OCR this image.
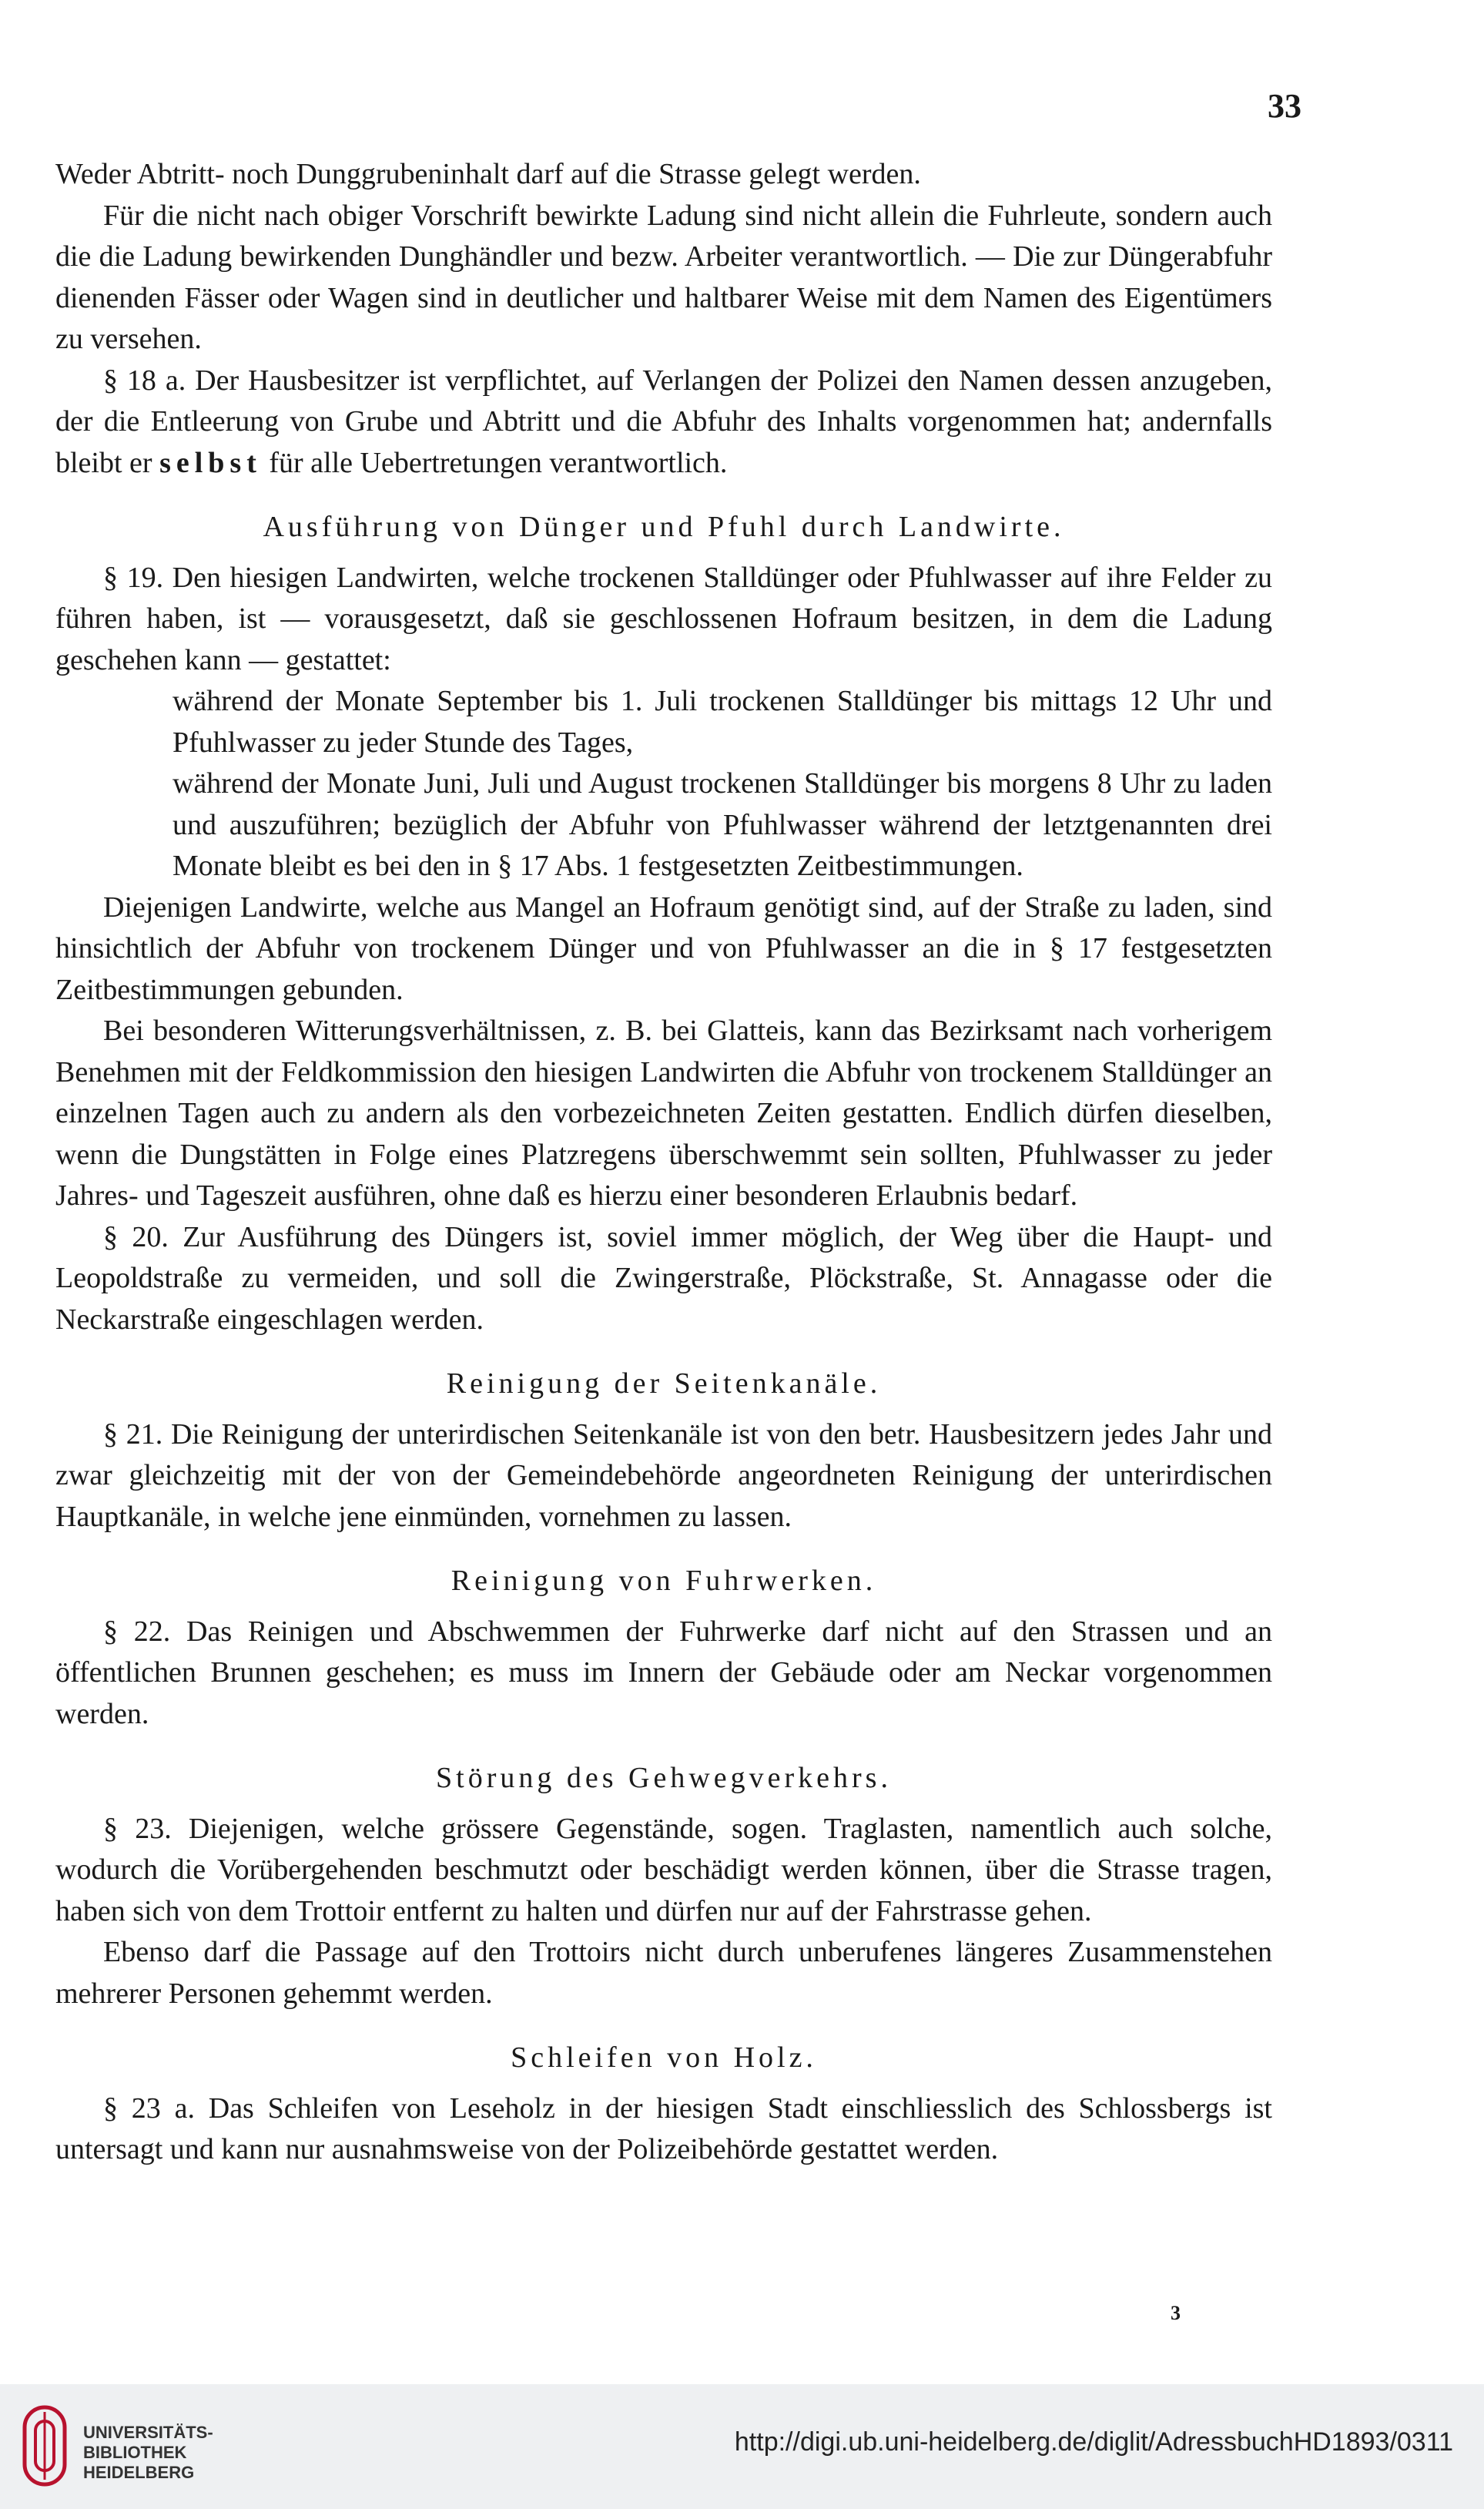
33

Weder Abtritt- noch Dunggrubeninhalt darf auf die Strasse gelegt werden.

Für die nicht nach obiger Vorschrift bewirkte Ladung sind nicht allein die Fuhrleute, sondern auch die die Ladung bewirkenden Dunghändler und bezw. Arbeiter verantwortlich. — Die zur Düngerabfuhr dienenden Fässer oder Wagen sind in deutlicher und haltbarer Weise mit dem Namen des Eigentümers zu versehen.

§ 18 a. Der Hausbesitzer ist verpflichtet, auf Verlangen der Polizei den Namen dessen anzugeben, der die Entleerung von Grube und Abtritt und die Abfuhr des Inhalts vorgenommen hat; andernfalls bleibt er selbst für alle Uebertretungen verantwortlich.

Ausführung von Dünger und Pfuhl durch Landwirte.

§ 19. Den hiesigen Landwirten, welche trockenen Stalldünger oder Pfuhlwasser auf ihre Felder zu führen haben, ist — vorausgesetzt, daß sie geschlossenen Hofraum besitzen, in dem die Ladung geschehen kann — gestattet:

während der Monate September bis 1. Juli trockenen Stalldünger bis mittags 12 Uhr und Pfuhlwasser zu jeder Stunde des Tages,

während der Monate Juni, Juli und August trockenen Stalldünger bis morgens 8 Uhr zu laden und auszuführen; bezüglich der Abfuhr von Pfuhlwasser während der letztgenannten drei Monate bleibt es bei den in § 17 Abs. 1 festgesetzten Zeitbestimmungen.

Diejenigen Landwirte, welche aus Mangel an Hofraum genötigt sind, auf der Straße zu laden, sind hinsichtlich der Abfuhr von trockenem Dünger und von Pfuhlwasser an die in § 17 festgesetzten Zeitbestimmungen gebunden.

Bei besonderen Witterungsverhältnissen, z. B. bei Glatteis, kann das Bezirksamt nach vorherigem Benehmen mit der Feldkommission den hiesigen Landwirten die Abfuhr von trockenem Stalldünger an einzelnen Tagen auch zu andern als den vorbezeichneten Zeiten gestatten. Endlich dürfen dieselben, wenn die Dungstätten in Folge eines Platzregens überschwemmt sein sollten, Pfuhlwasser zu jeder Jahres- und Tageszeit ausführen, ohne daß es hierzu einer besonderen Erlaubnis bedarf.

§ 20. Zur Ausführung des Düngers ist, soviel immer möglich, der Weg über die Haupt- und Leopoldstraße zu vermeiden, und soll die Zwingerstraße, Plöckstraße, St. Annagasse oder die Neckarstraße eingeschlagen werden.

Reinigung der Seitenkanäle.

§ 21. Die Reinigung der unterirdischen Seitenkanäle ist von den betr. Hausbesitzern jedes Jahr und zwar gleichzeitig mit der von der Gemeindebehörde angeordneten Reinigung der unterirdischen Hauptkanäle, in welche jene einmünden, vornehmen zu lassen.

Reinigung von Fuhrwerken.

§ 22. Das Reinigen und Abschwemmen der Fuhrwerke darf nicht auf den Strassen und an öffentlichen Brunnen geschehen; es muss im Innern der Gebäude oder am Neckar vorgenommen werden.

Störung des Gehwegverkehrs.

§ 23. Diejenigen, welche grössere Gegenstände, sogen. Traglasten, namentlich auch solche, wodurch die Vorübergehenden beschmutzt oder beschädigt werden können, über die Strasse tragen, haben sich von dem Trottoir entfernt zu halten und dürfen nur auf der Fahrstrasse gehen.

Ebenso darf die Passage auf den Trottoirs nicht durch unberufenes längeres Zusammenstehen mehrerer Personen gehemmt werden.

Schleifen von Holz.

§ 23 a. Das Schleifen von Leseholz in der hiesigen Stadt einschliesslich des Schlossbergs ist untersagt und kann nur ausnahmsweise von der Polizeibehörde gestattet werden.

3
UNIVERSITÄTS-
BIBLIOTHEK
HEIDELBERG
http://digi.ub.uni-heidelberg.de/diglit/AdressbuchHD1893/0311
